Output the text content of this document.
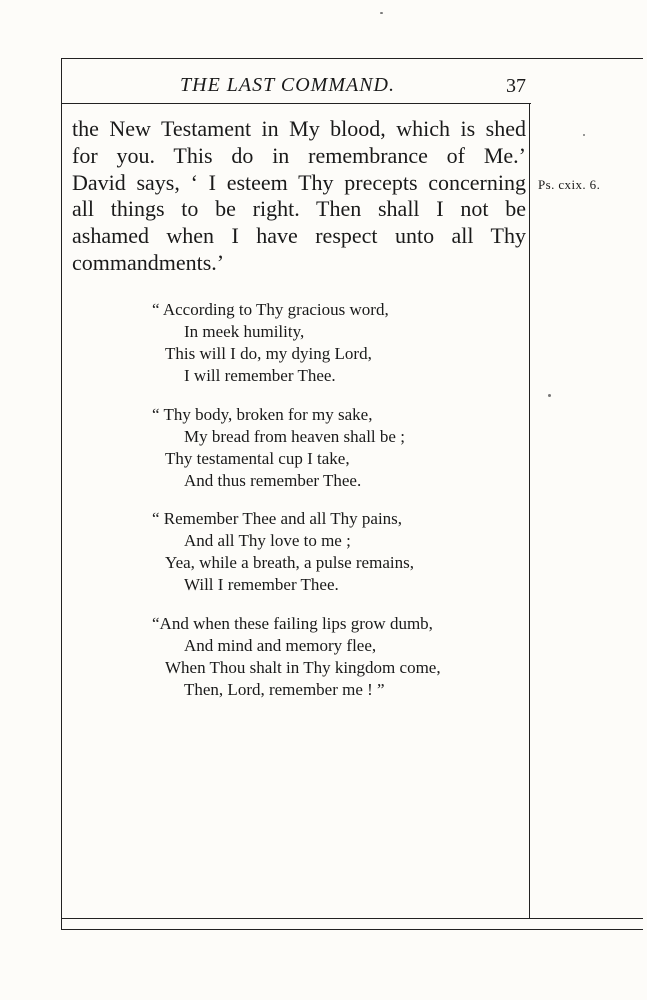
THE LAST COMMAND.	37
the New Testament in My blood, which is shed
for you. This do in remembrance of Me.’
David says, ‘ I esteem Thy precepts concerning
all things to be right. Then shall I not be
ashamed when I have respect unto all Thy
commandments.’
Ps. cxix. 6.
“ According to Thy gracious word,
In meek humility,
This will I do, my dying Lord,
I will remember Thee.
“ Thy body, broken for my sake,
My bread from heaven shall be ;
Thy testamental cup I take,
And thus remember Thee.
“ Remember Thee and all Thy pains,
And all Thy love to me ;
Yea, while a breath, a pulse remains,
Will I remember Thee.
“And when these failing lips grow dumb,
And mind and memory flee,
When Thou shalt in Thy kingdom come,
Then, Lord, remember me ! ”
